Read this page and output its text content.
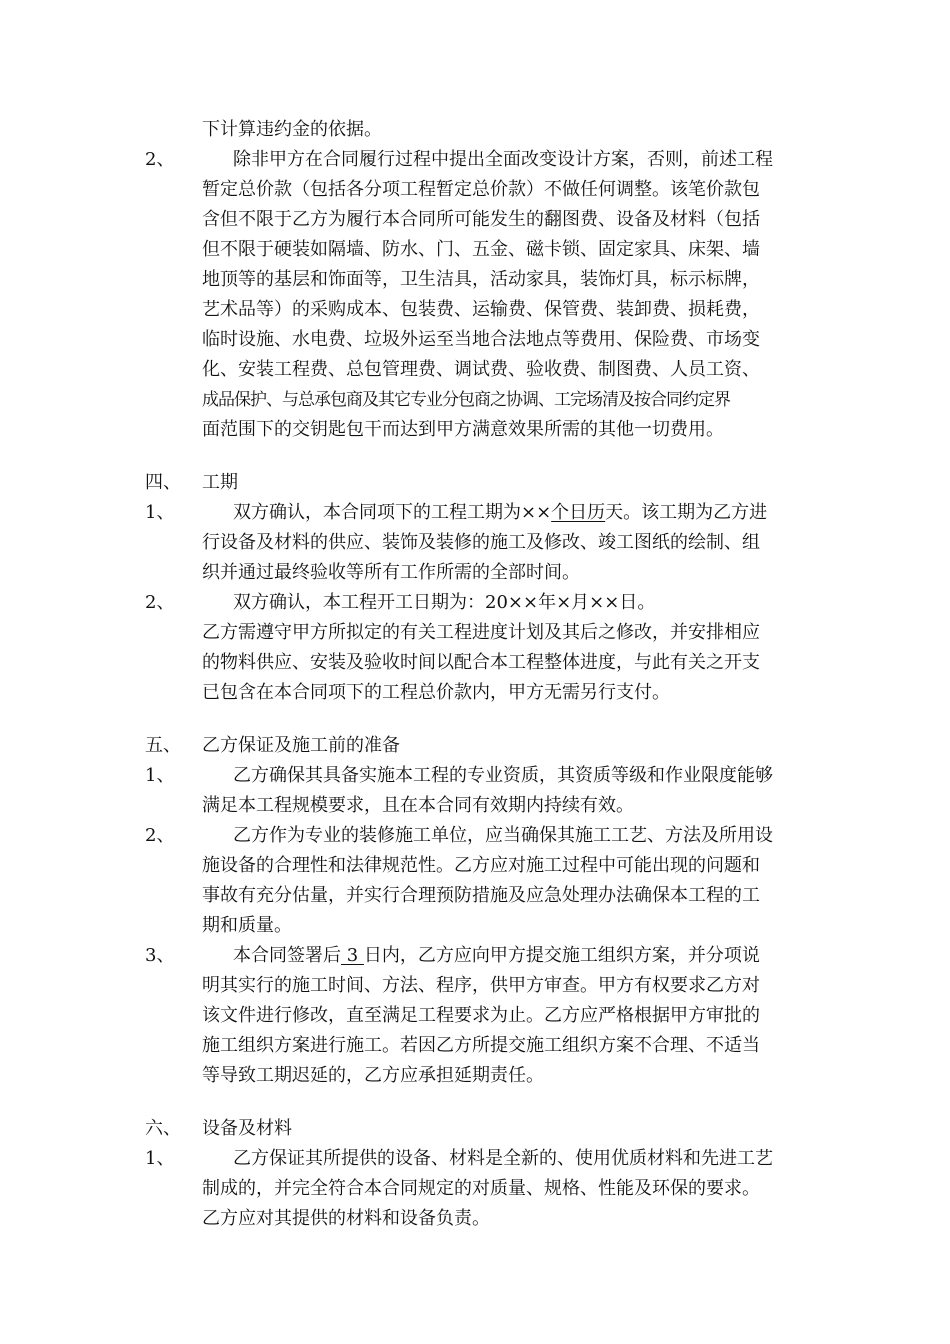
下计算违约金的依据。
2、	除非甲方在合同履行过程中提出全面改变设计方案，否则，前述工程
暂定总价款（包括各分项工程暂定总价款）不做任何调整。该笔价款包
含但不限于乙方为履行本合同所可能发生的翻图费、设备及材料（包括
但不限于硬装如隔墙、防水、门、五金、磁卡锁、固定家具、床架、墙
地顶等的基层和饰面等，卫生洁具，活动家具，装饰灯具，标示标牌，
艺术品等）的采购成本、包装费、运输费、保管费、装卸费、损耗费，
临时设施、水电费、垃圾外运至当地合法地点等费用、保险费、市场变
化、安装工程费、总包管理费、调试费、验收费、制图费、人员工资、
成品保护、与总承包商及其它专业分包商之协调、工完场清及按合同约定界
面范围下的交钥匙包干而达到甲方满意效果所需的其他一切费用。
四、 工期
1、	双方确认，本合同项下的工程工期为××个日历天。该工期为乙方进
行设备及材料的供应、装饰及装修的施工及修改、竣工图纸的绘制、组
织并通过最终验收等所有工作所需的全部时间。
2、	双方确认，本工程开工日期为：20××年×月××日。
乙方需遵守甲方所拟定的有关工程进度计划及其后之修改，并安排相应
的物料供应、安装及验收时间以配合本工程整体进度，与此有关之开支
已包含在本合同项下的工程总价款内，甲方无需另行支付。
五、 乙方保证及施工前的准备
1、	乙方确保其具备实施本工程的专业资质，其资质等级和作业限度能够
满足本工程规模要求，且在本合同有效期内持续有效。
2、	乙方作为专业的装修施工单位，应当确保其施工工艺、方法及所用设
施设备的合理性和法律规范性。乙方应对施工过程中可能出现的问题和
事故有充分估量，并实行合理预防措施及应急处理办法确保本工程的工
期和质量。
3、	本合同签署后 3 日内，乙方应向甲方提交施工组织方案，并分项说
明其实行的施工时间、方法、程序，供甲方审查。甲方有权要求乙方对
该文件进行修改，直至满足工程要求为止。乙方应严格根据甲方审批的
施工组织方案进行施工。若因乙方所提交施工组织方案不合理、不适当
等导致工期迟延的，乙方应承担延期责任。
六、 设备及材料
1、	乙方保证其所提供的设备、材料是全新的、使用优质材料和先进工艺
制成的，并完全符合本合同规定的对质量、规格、性能及环保的要求。
乙方应对其提供的材料和设备负责。
